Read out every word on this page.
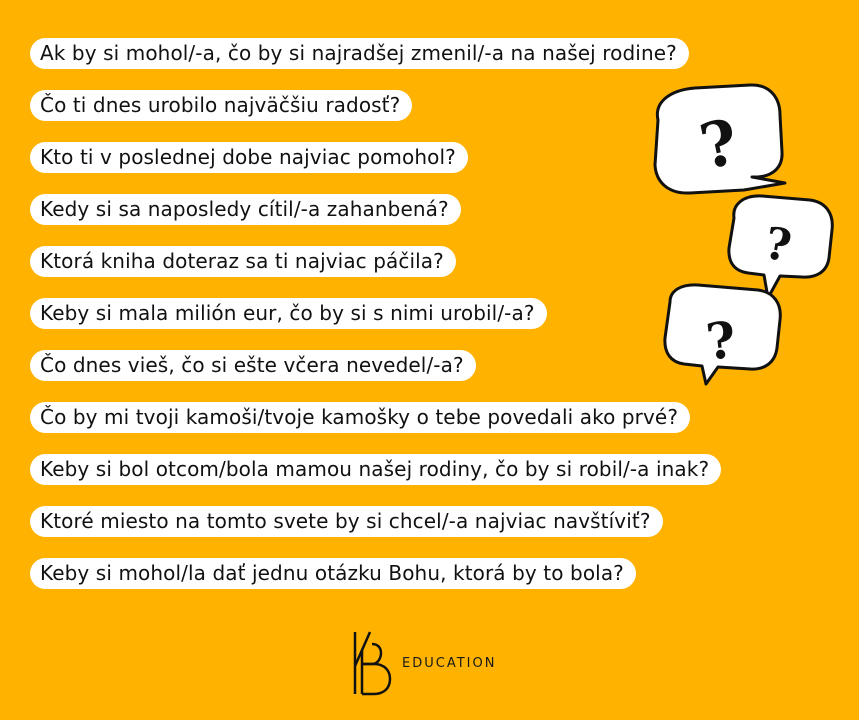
Ak by si mohol/-a, čo by si najradšej zmenil/-a na našej rodine?
Čo ti dnes urobilo najväčšiu radosť?
Kto ti v poslednej dobe najviac pomohol?
Kedy si sa naposledy cítil/-a zahanbená?
Ktorá kniha doteraz sa ti najviac páčila?
Keby si mala milión eur, čo by si s nimi urobil/-a?
Čo dnes vieš, čo si ešte včera nevedel/-a?
Čo by mi tvoji kamoši/tvoje kamošky o tebe povedali ako prvé?
Keby si bol otcom/bola mamou našej rodiny, čo by si robil/-a inak?
Ktoré miesto na tomto svete by si chcel/-a najviac navštíviť?
Keby si mohol/la dať jednu otázku Bohu, ktorá by to bola?
?
?
?
EDUCATION
